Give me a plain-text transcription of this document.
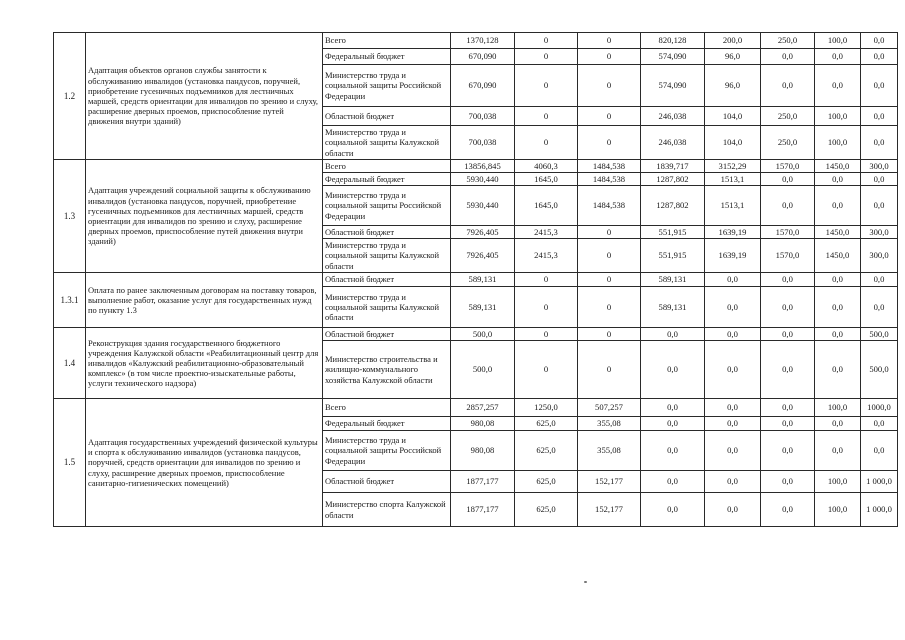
1.2	Адаптация объектов органов службы занятости к обслуживанию инвалидов (установка пандусов, поручней, приобретение гусеничных подъемников для лестничных маршей, средств ориентации для инвалидов по зрению и слуху, расширение дверных проемов, приспособление путей движения внутри зданий)	Всего	1370,128	0	0	820,128	200,0	250,0	100,0	0,0
		Федеральный бюджет	670,090	0	0	574,090	96,0	0,0	0,0	0,0
		Министерство труда и социальной защиты Российской Федерации	670,090	0	0	574,090	96,0	0,0	0,0	0,0
		Областной бюджет	700,038	0	0	246,038	104,0	250,0	100,0	0,0
		Министерство труда и социальной защиты Калужской области	700,038	0	0	246,038	104,0	250,0	100,0	0,0
1.3	Адаптация учреждений социальной защиты к обслуживанию инвалидов (установка пандусов, поручней, приобретение гусеничных подъемников для лестничных маршей, средств ориентации для инвалидов по зрению и слуху, расширение дверных проемов, приспособление путей движения внутри зданий)	Всего	13856,845	4060,3	1484,538	1839,717	3152,29	1570,0	1450,0	300,0
		Федеральный бюджет	5930,440	1645,0	1484,538	1287,802	1513,1	0,0	0,0	0,0
		Министерство труда и социальной защиты Российской Федерации	5930,440	1645,0	1484,538	1287,802	1513,1	0,0	0,0	0,0
		Областной бюджет	7926,405	2415,3	0	551,915	1639,19	1570,0	1450,0	300,0
		Министерство труда и социальной защиты Калужской области	7926,405	2415,3	0	551,915	1639,19	1570,0	1450,0	300,0
1.3.1	Оплата по ранее заключенным договорам на поставку товаров, выполнение работ, оказание услуг для государственных нужд по пункту 1.3	Областной бюджет	589,131	0	0	589,131	0,0	0,0	0,0	0,0
		Министерство труда и социальной защиты Калужской области	589,131	0	0	589,131	0,0	0,0	0,0	0,0
1.4	Реконструкция здания государственного бюджетного учреждения Калужской области «Реабилитационный центр для инвалидов «Калужский реабилитационно-образовательный комплекс» (в том числе проектно-изыскательные работы, услуги технического надзора)	Областной бюджет	500,0	0	0	0,0	0,0	0,0	0,0	500,0
		Министерство строительства и жилищно-коммунального хозяйства Калужской области	500,0	0	0	0,0	0,0	0,0	0,0	500,0
1.5	Адаптация государственных учреждений физической культуры и спорта к обслуживанию инвалидов (установка пандусов, поручней, средств ориентации для инвалидов по зрению и слуху, расширение дверных проемов, приспособление санитарно-гигиенических помещений)	Всего	2857,257	1250,0	507,257	0,0	0,0	0,0	100,0	1000,0
		Федеральный бюджет	980,08	625,0	355,08	0,0	0,0	0,0	0,0	0,0
		Министерство труда и социальной защиты Российской Федерации	980,08	625,0	355,08	0,0	0,0	0,0	0,0	0,0
		Областной бюджет	1877,177	625,0	152,177	0,0	0,0	0,0	100,0	1 000,0
		Министерство спорта Калужской области	1877,177	625,0	152,177	0,0	0,0	0,0	100,0	1 000,0
